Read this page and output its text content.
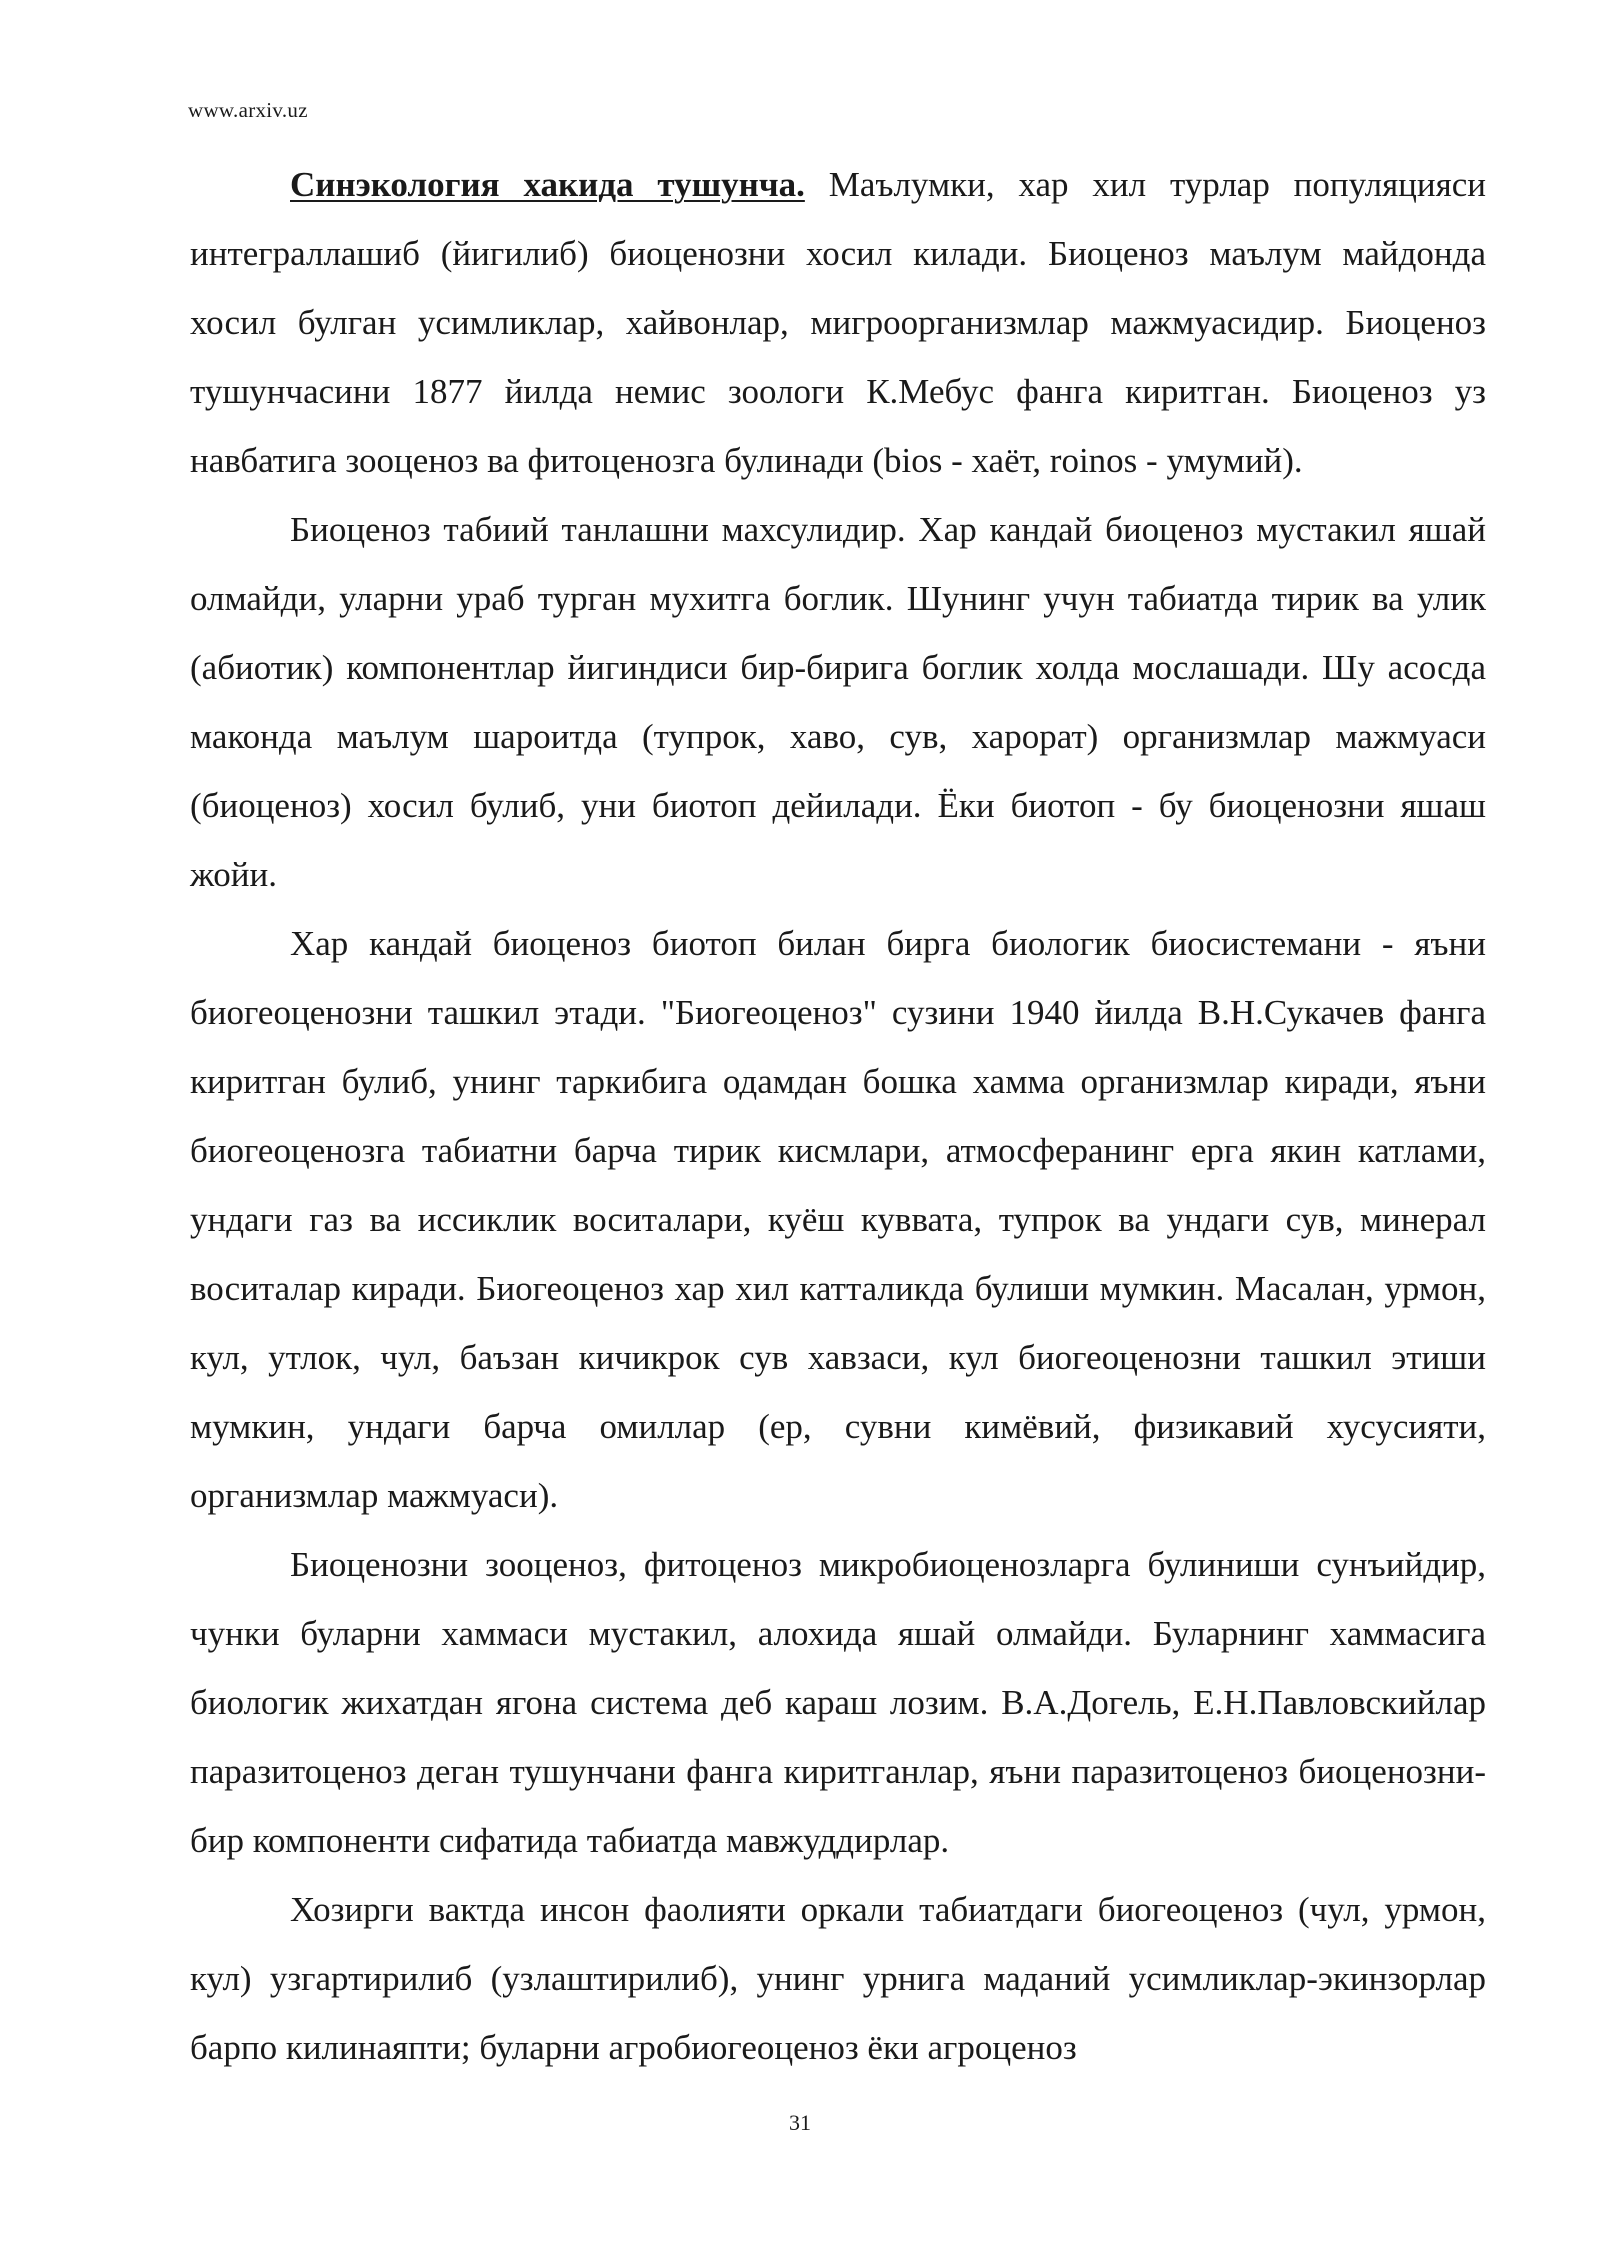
www.arxiv.uz

Синэкология хакида тушунча. Маълумки, хар хил турлар популяцияси интеграллашиб (йигилиб) биоценозни хосил килади. Биоценоз маълум майдонда хосил булган усимликлар, хайвонлар, мигроорганизмлар мажмуасидир. Биоценоз тушунчасини 1877 йилда немис зоологи К.Мебус фанга киритган. Биоценоз уз навбатига зооценоз ва фитоценозга булинади (bios - хаёт, roinos - умумий).

Биоценоз табиий танлашни махсулидир. Хар кандай биоценоз мустакил яшай олмайди, уларни ураб турган мухитга боглик. Шунинг учун табиатда тирик ва улик (абиотик) компонентлар йигиндиси бир-бирига боглик холда мослашади. Шу асосда маконда маълум шароитда (тупрок, хаво, сув, харорат) организмлар мажмуаси (биоценоз) хосил булиб, уни биотоп дейилади. Ёки биотоп - бу биоценозни яшаш жойи.

Хар кандай биоценоз биотоп билан бирга биологик биосистемани - яъни биогеоценозни ташкил этади. "Биогеоценоз" сузини 1940 йилда В.Н.Сукачев фанга киритган булиб, унинг таркибига одамдан бошка хамма организмлар киради, яъни биогеоценозга табиатни барча тирик кисмлари, атмосферанинг ерга якин катлами, ундаги газ ва иссиклик воситалари, куёш куввата, тупрок ва ундаги сув, минерал воситалар киради. Биогеоценоз хар хил катталикда булиши мумкин. Масалан, урмон, кул, утлок, чул, баъзан кичикрок сув хавзаси, кул биогеоценозни ташкил этиши мумкин, ундаги барча омиллар (ер, сувни кимёвий, физикавий хусусияти, организмлар мажмуаси).

Биоценозни зооценоз, фитоценоз микробиоценозларга булиниши сунъийдир, чунки буларни хаммаси мустакил, алохида яшай олмайди. Буларнинг хаммасига биологик жихатдан ягона система деб караш лозим. В.А.Догель, Е.Н.Павловскийлар паразитоценоз деган тушунчани фанга киритганлар, яъни паразитоценоз биоценозни- бир компоненти сифатида табиатда мавжуддирлар.

Хозирги вактда инсон фаолияти оркали табиатдаги биогеоценоз (чул, урмон, кул) узгартирилиб (узлаштирилиб), унинг урнига маданий усимликлар-экинзорлар барпо килинаяпти; буларни агробиогеоценоз ёки агроценоз

31
